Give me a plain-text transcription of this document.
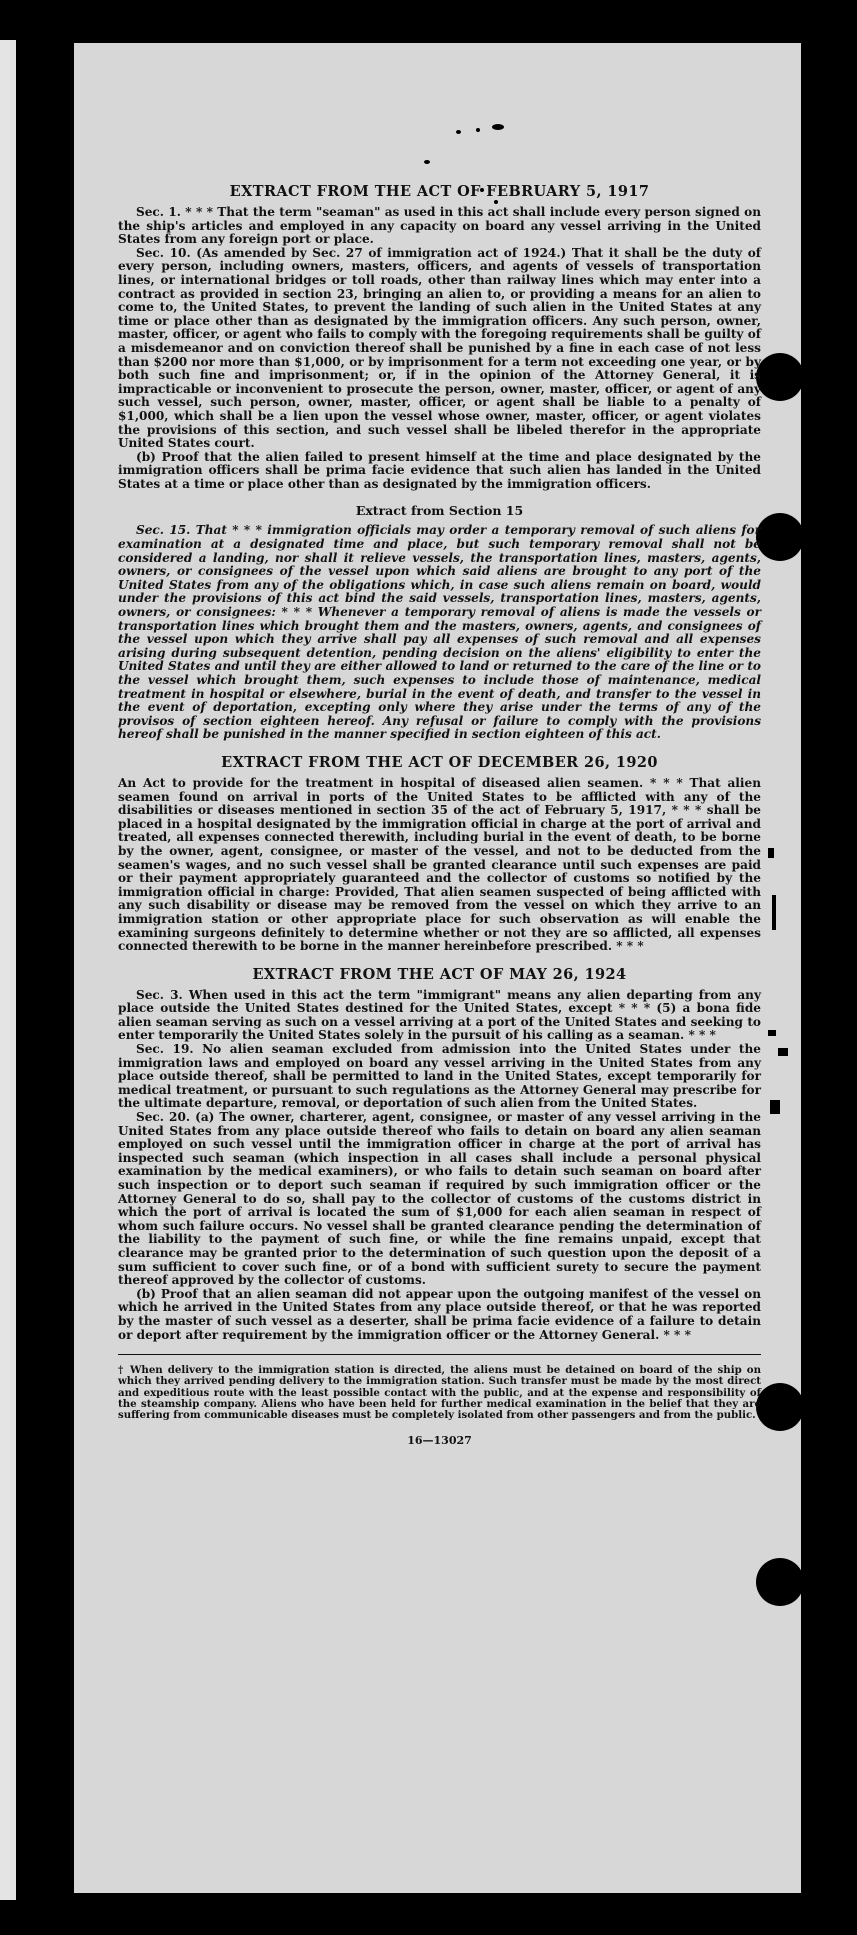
EXTRACT FROM THE ACT OF FEBRUARY 5, 1917

Sec. 1. * * * That the term "seaman" as used in this act shall include every person signed on the ship's articles and employed in any capacity on board any vessel arriving in the United States from any foreign port or place.

Sec. 10. (As amended by Sec. 27 of immigration act of 1924.) That it shall be the duty of every person, including owners, masters, officers, and agents of vessels of transportation lines, or international bridges or toll roads, other than railway lines which may enter into a contract as provided in section 23, bringing an alien to, or providing a means for an alien to come to, the United States, to prevent the landing of such alien in the United States at any time or place other than as designated by the immigration officers. Any such person, owner, master, officer, or agent who fails to comply with the foregoing requirements shall be guilty of a misdemeanor and on conviction thereof shall be punished by a fine in each case of not less than $200 nor more than $1,000, or by imprisonment for a term not exceeding one year, or by both such fine and imprisonment; or, if in the opinion of the Attorney General, it is impracticable or inconvenient to prosecute the person, owner, master, officer, or agent of any such vessel, such person, owner, master, officer, or agent shall be liable to a penalty of $1,000, which shall be a lien upon the vessel whose owner, master, officer, or agent violates the provisions of this section, and such vessel shall be libeled therefor in the appropriate United States court.

(b) Proof that the alien failed to present himself at the time and place designated by the immigration officers shall be prima facie evidence that such alien has landed in the United States at a time or place other than as designated by the immigration officers.

Extract from Section 15

Sec. 15. That * * * immigration officials may order a temporary removal of such aliens for examination at a designated time and place, but such temporary removal shall not be considered a landing, nor shall it relieve vessels, the transportation lines, masters, agents, owners, or consignees of the vessel upon which said aliens are brought to any port of the United States from any of the obligations which, in case such aliens remain on board, would under the provisions of this act bind the said vessels, transportation lines, masters, agents, owners, or consignees: * * * Whenever a temporary removal of aliens is made the vessels or transportation lines which brought them and the masters, owners, agents, and consignees of the vessel upon which they arrive shall pay all expenses of such removal and all expenses arising during subsequent detention, pending decision on the aliens' eligibility to enter the United States and until they are either allowed to land or returned to the care of the line or to the vessel which brought them, such expenses to include those of maintenance, medical treatment in hospital or elsewhere, burial in the event of death, and transfer to the vessel in the event of deportation, excepting only where they arise under the terms of any of the provisos of section eighteen hereof. Any refusal or failure to comply with the provisions hereof shall be punished in the manner specified in section eighteen of this act.

EXTRACT FROM THE ACT OF DECEMBER 26, 1920

An Act to provide for the treatment in hospital of diseased alien seamen. * * * That alien seamen found on arrival in ports of the United States to be afflicted with any of the disabilities or diseases mentioned in section 35 of the act of February 5, 1917, * * * shall be placed in a hospital designated by the immigration official in charge at the port of arrival and treated, all expenses connected therewith, including burial in the event of death, to be borne by the owner, agent, consignee, or master of the vessel, and not to be deducted from the seamen's wages, and no such vessel shall be granted clearance until such expenses are paid or their payment appropriately guaranteed and the collector of customs so notified by the immigration official in charge: Provided, That alien seamen suspected of being afflicted with any such disability or disease may be removed from the vessel on which they arrive to an immigration station or other appropriate place for such observation as will enable the examining surgeons definitely to determine whether or not they are so afflicted, all expenses connected therewith to be borne in the manner hereinbefore prescribed. * * *

EXTRACT FROM THE ACT OF MAY 26, 1924

Sec. 3. When used in this act the term "immigrant" means any alien departing from any place outside the United States destined for the United States, except * * * (5) a bona fide alien seaman serving as such on a vessel arriving at a port of the United States and seeking to enter temporarily the United States solely in the pursuit of his calling as a seaman. * * *

Sec. 19. No alien seaman excluded from admission into the United States under the immigration laws and employed on board any vessel arriving in the United States from any place outside thereof, shall be permitted to land in the United States, except temporarily for medical treatment, or pursuant to such regulations as the Attorney General may prescribe for the ultimate departure, removal, or deportation of such alien from the United States.

Sec. 20. (a) The owner, charterer, agent, consignee, or master of any vessel arriving in the United States from any place outside thereof who fails to detain on board any alien seaman employed on such vessel until the immigration officer in charge at the port of arrival has inspected such seaman (which inspection in all cases shall include a personal physical examination by the medical examiners), or who fails to detain such seaman on board after such inspection or to deport such seaman if required by such immigration officer or the Attorney General to do so, shall pay to the collector of customs of the customs district in which the port of arrival is located the sum of $1,000 for each alien seaman in respect of whom such failure occurs. No vessel shall be granted clearance pending the determination of the liability to the payment of such fine, or while the fine remains unpaid, except that clearance may be granted prior to the determination of such question upon the deposit of a sum sufficient to cover such fine, or of a bond with sufficient surety to secure the payment thereof approved by the collector of customs.

(b) Proof that an alien seaman did not appear upon the outgoing manifest of the vessel on which he arrived in the United States from any place outside thereof, or that he was reported by the master of such vessel as a deserter, shall be prima facie evidence of a failure to detain or deport after requirement by the immigration officer or the Attorney General. * * *

† When delivery to the immigration station is directed, the aliens must be detained on board of the ship on which they arrived pending delivery to the immigration station. Such transfer must be made by the most direct and expeditious route with the least possible contact with the public, and at the expense and responsibility of the steamship company. Aliens who have been held for further medical examination in the belief that they are suffering from communicable diseases must be completely isolated from other passengers and from the public.

16—13027
